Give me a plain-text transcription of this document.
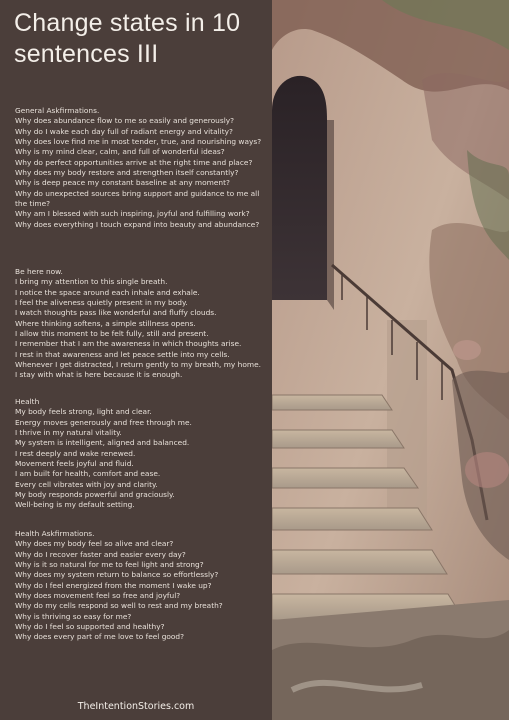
Change states in 10 sentences III
General Askfirmations.
Why does abundance flow to me so easily and generously?
Why do I wake each day full of radiant energy and vitality?
Why does love find me in most tender, true, and nourishing ways?
Why is my mind clear, calm, and full of wonderful ideas?
Why do perfect opportunities arrive at the right time and place?
Why does my body restore and strengthen itself constantly?
Why is deep peace my constant baseline at any moment?
Why do unexpected sources bring support and guidance to me all the time?
Why am I blessed with such inspiring, joyful and fulfilling work?
Why does everything I touch expand into beauty and abundance?
Be here now.
I bring my attention to this single breath.
I notice the space around each inhale and exhale.
I feel the aliveness quietly present in my body.
I watch thoughts pass like wonderful and fluffy clouds.
Where thinking softens, a simple stillness opens.
I allow this moment to be felt fully, still and present.
I remember that I am the awareness in which thoughts arise.
I rest in that awareness and let peace settle into my cells.
Whenever I get distracted, I return gently to my breath, my home.
I stay with what is here because it is enough.
Health
My body feels strong, light and clear.
Energy moves generously and free through me.
I thrive in my natural vitality.
My system is intelligent, aligned and balanced.
I rest deeply and wake renewed.
Movement feels joyful and fluid.
I am built for health, comfort and ease.
Every cell vibrates with joy and clarity.
My body responds powerful and graciously.
Well-being is my default setting.
Health Askfirmations.
Why does my body feel so alive and clear?
Why do I recover faster and easier every day?
Why is it so natural for me to feel light and strong?
Why does my system return to balance so effortlessly?
Why do I feel energized from the moment I wake up?
Why does movement feel so free and joyful?
Why do my cells respond so well to rest and my breath?
Why is thriving so easy for me?
Why do I feel so supported and healthy?
Why does every part of me love to feel good?
TheIntentionStories.com
